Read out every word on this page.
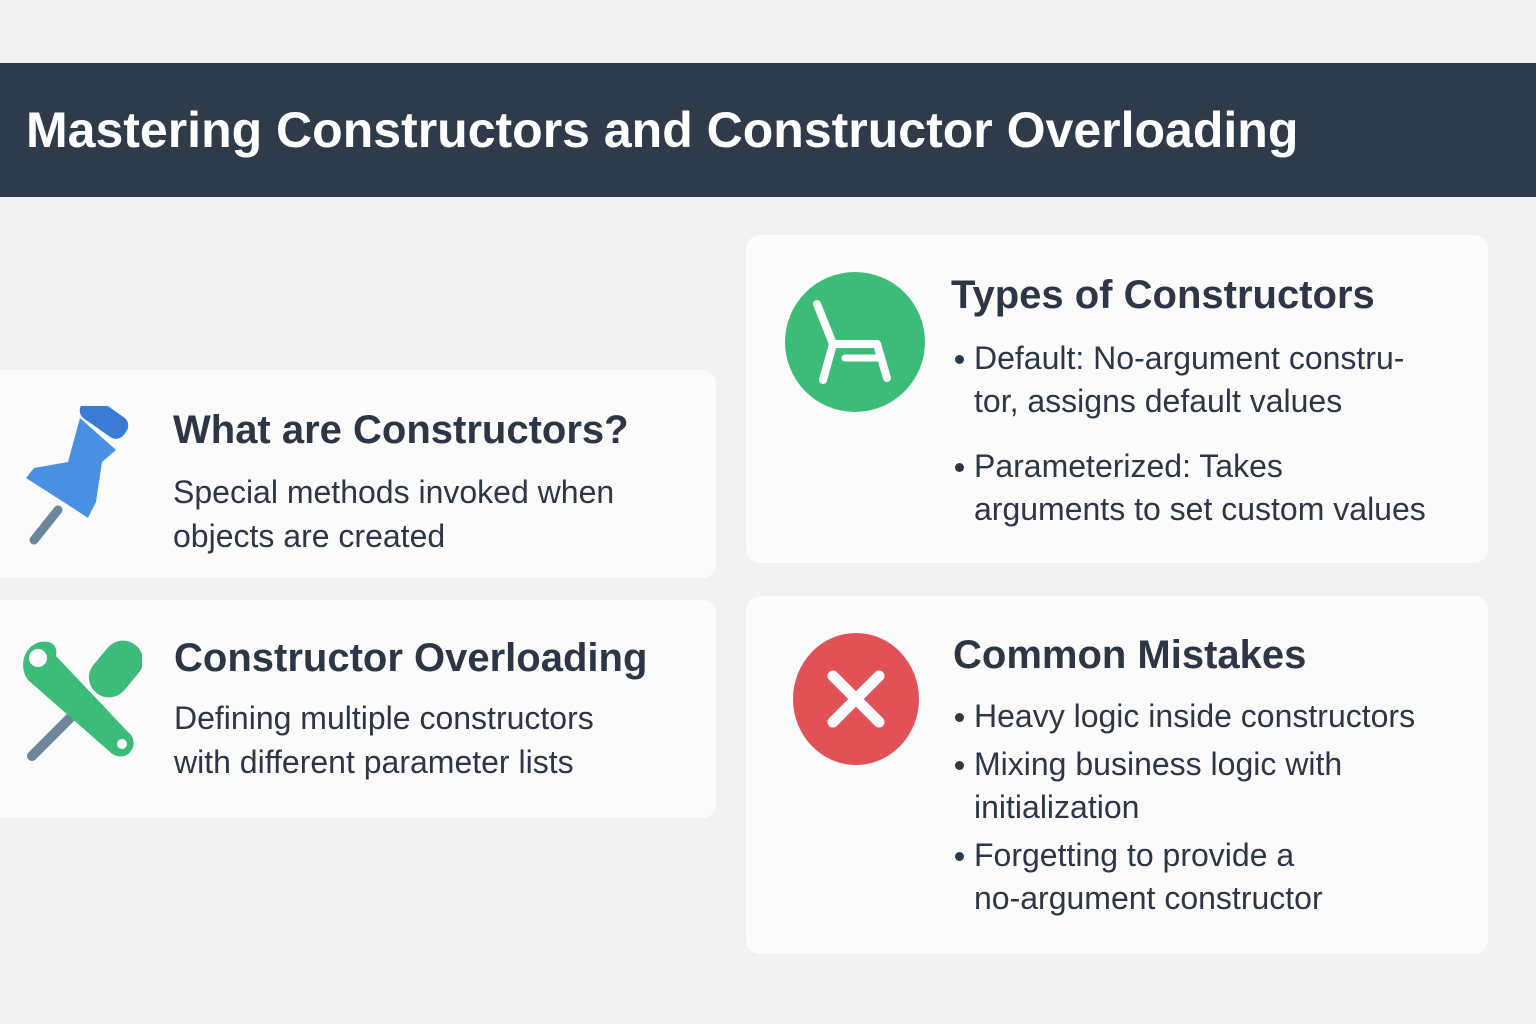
Mastering Constructors and Constructor Overloading
What are Constructors?

Special methods invoked when
objects are created

Constructor Overloading

Defining multiple constructors
with different parameter lists

Types of Constructors
Default: No-argument constru-
tor, assigns default values
Parameterized: Takes
arguments to set custom values
Common Mistakes
Heavy logic inside constructors
Mixing business logic with
initialization
Forgetting to provide a
no-argument constructor
